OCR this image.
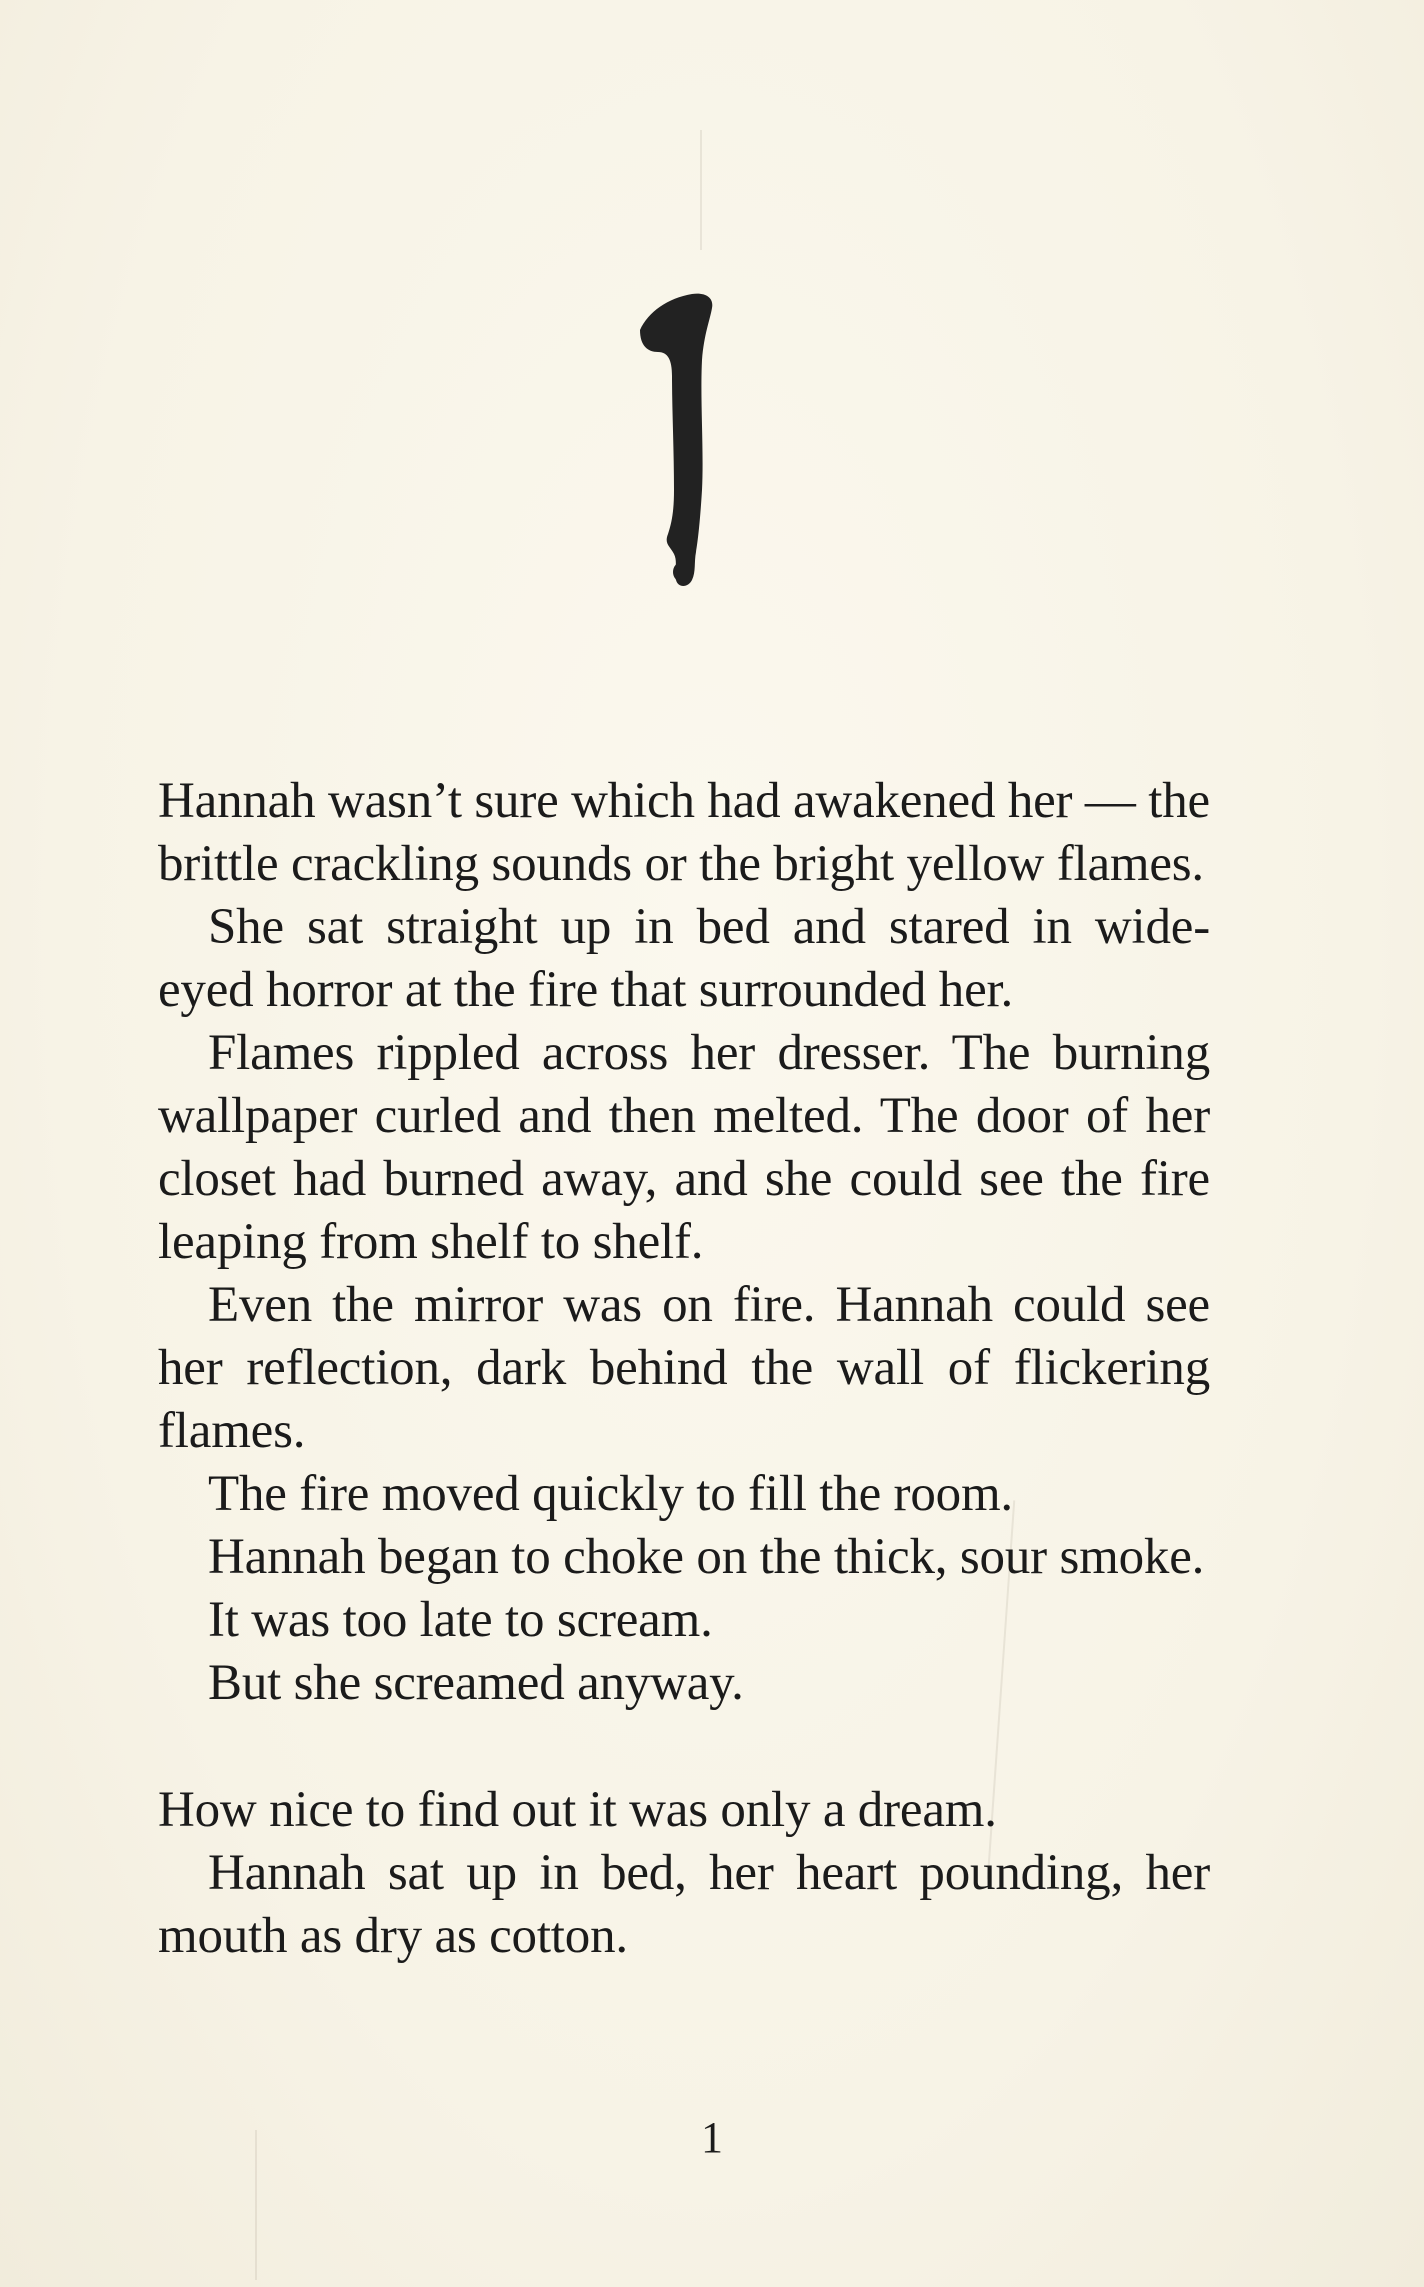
Hannah wasn’t sure which had awakened her — the brittle crackling sounds or the bright yellow flames.

She sat straight up in bed and stared in wide-eyed horror at the fire that surrounded her.

Flames rippled across her dresser. The burning wallpaper curled and then melted. The door of her closet had burned away, and she could see the fire leaping from shelf to shelf.

Even the mirror was on fire. Hannah could see her reflection, dark behind the wall of flickering flames.

The fire moved quickly to fill the room.

Hannah began to choke on the thick, sour smoke.

It was too late to scream.

But she screamed anyway.

How nice to find out it was only a dream.

Hannah sat up in bed, her heart pounding, her mouth as dry as cotton.

1
